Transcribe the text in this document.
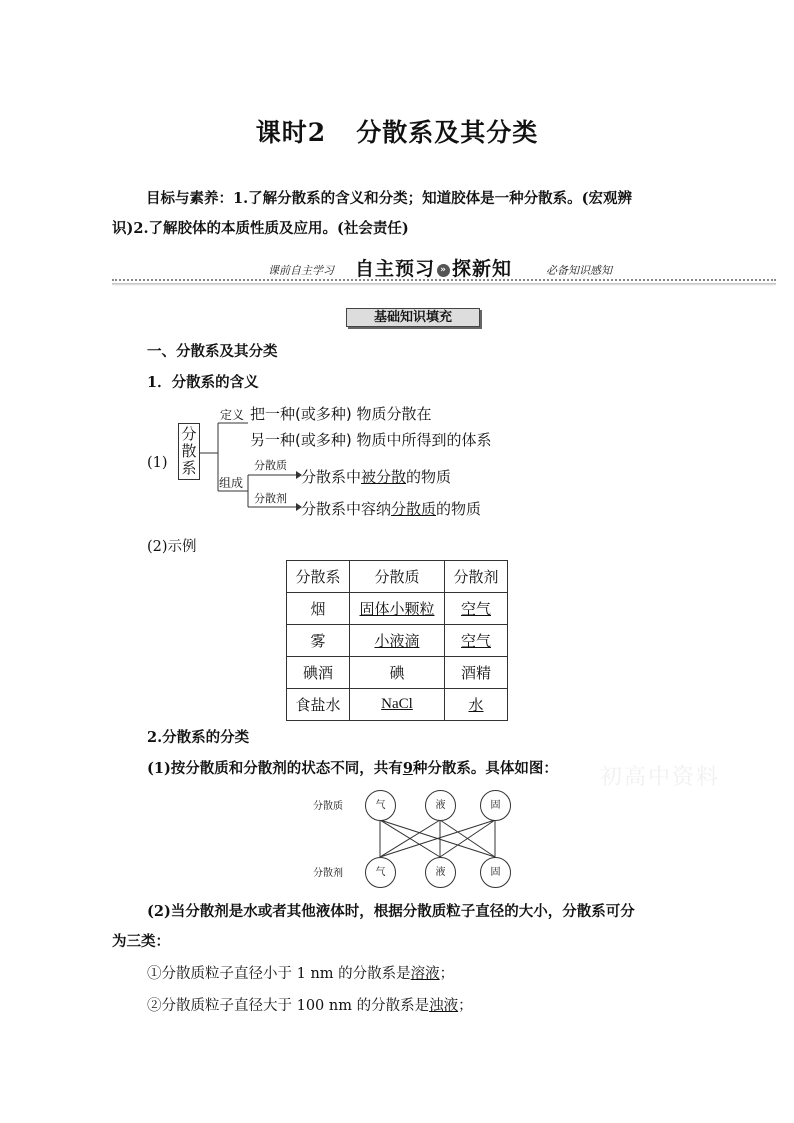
课时2 分散系及其分类
目标与素养：1.了解分散系的含义和分类；知道胶体是一种分散系。(宏观辨
识)2.了解胶体的本质性质及应用。(社会责任)
课前自主学习 自主预习 » 探新知	必备知识感知
基础知识填充
一、分散系及其分类
1．分散系的含义
(1)
分
散
系
定义 把一种(或多种) 物质分散在
另一种(或多种) 物质中所得到的体系
组成
分散质
分散系中被分散的物质
分散剂
分散系中容纳分散质的物质
(2)示例
分散系	分散质	分散剂
烟	固体小颗粒	空气
雾	小液滴	空气
碘酒	碘	酒精
食盐水	NaCl	水
2.分散系的分类
(1)按分散质和分散剂的状态不同，共有9种分散系。具体如图：
分散质
分散剂
气	液	固
气	液	固
初高中资料
(2)当分散剂是水或者其他液体时，根据分散质粒子直径的大小，分散系可分
为三类：
①分散质粒子直径小于 1 nm 的分散系是溶液；
②分散质粒子直径大于 100 nm 的分散系是浊液；
